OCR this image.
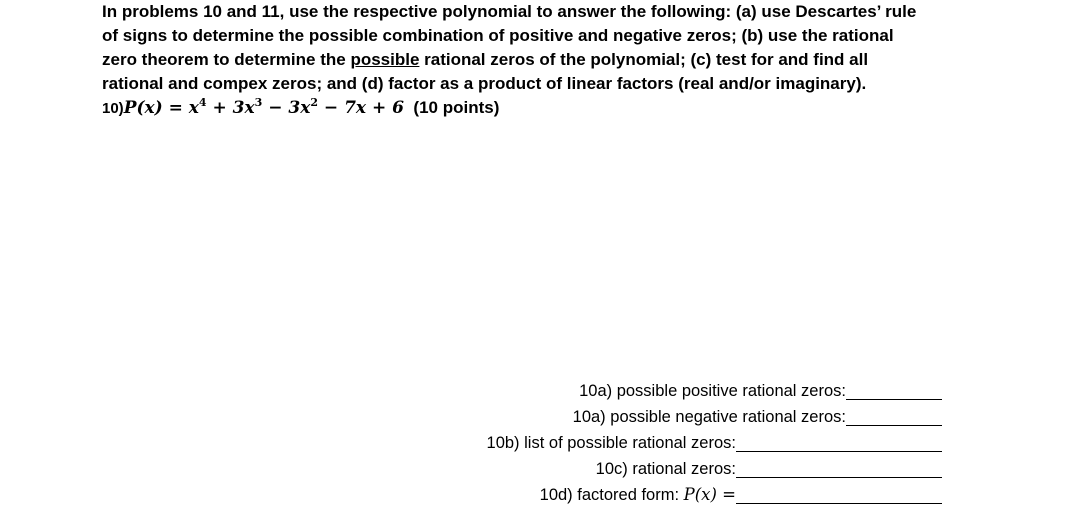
In problems 10 and 11, use the respective polynomial to answer the following: (a) use Descartes’ rule
of signs to determine the possible combination of positive and negative zeros; (b) use the rational
zero theorem to determine the possible rational zeros of the polynomial; (c) test for and find all
rational and compex zeros; and (d) factor as a product of linear factors (real and/or imaginary).
$10)P(x) = x^4 + 3x^3 - 3x^2 - 7x + 6$ (10 points)
10a) possible positive rational zeros:
10a) possible negative rational zeros:
10b) list of possible rational zeros:
10c) rational zeros:
10d) factored form: P(x) =
